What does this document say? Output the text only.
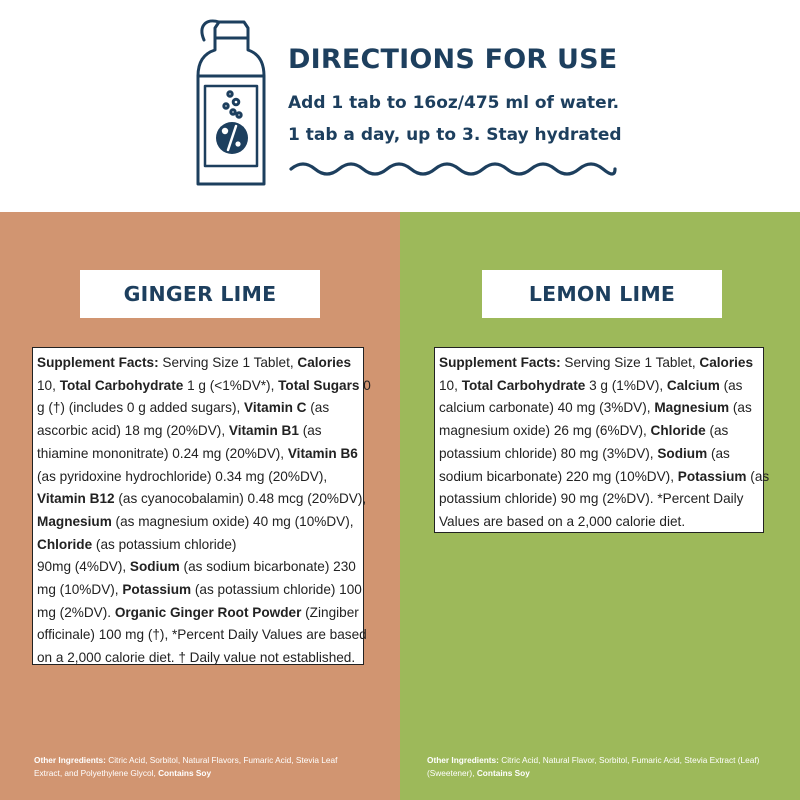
DIRECTIONS FOR USE
Add 1 tab to 16oz/475 ml of water.
1 tab a day, up to 3. Stay hydrated
GINGER LIME
Supplement Facts: Serving Size 1 Tablet, Calories
10, Total Carbohydrate 1 g (<1%DV*), Total Sugars 0
g (†) (includes 0 g added sugars), Vitamin C (as
ascorbic acid) 18 mg (20%DV), Vitamin B1 (as
thiamine mononitrate) 0.24 mg (20%DV), Vitamin B6
(as pyridoxine hydrochloride) 0.34 mg (20%DV),
Vitamin B12 (as cyanocobalamin) 0.48 mcg (20%DV),
Magnesium (as magnesium oxide) 40 mg (10%DV),
Chloride (as potassium chloride)
90mg (4%DV), Sodium (as sodium bicarbonate) 230
mg (10%DV), Potassium (as potassium chloride) 100
mg (2%DV). Organic Ginger Root Powder (Zingiber
officinale) 100 mg (†), *Percent Daily Values are based
on a 2,000 calorie diet. † Daily value not established.
Other Ingredients: Citric Acid, Sorbitol, Natural Flavors, Fumaric Acid, Stevia Leaf Extract, and Polyethylene Glycol, Contains Soy
LEMON LIME
Supplement Facts: Serving Size 1 Tablet, Calories
10, Total Carbohydrate 3 g (1%DV), Calcium (as
calcium carbonate) 40 mg (3%DV), Magnesium (as
magnesium oxide) 26 mg (6%DV), Chloride (as
potassium chloride) 80 mg (3%DV), Sodium (as
sodium bicarbonate) 220 mg (10%DV), Potassium (as
potassium chloride) 90 mg (2%DV). *Percent Daily
Values are based on a 2,000 calorie diet.
Other Ingredients: Citric Acid, Natural Flavor, Sorbitol, Fumaric Acid, Stevia Extract (Leaf) (Sweetener), Contains Soy
